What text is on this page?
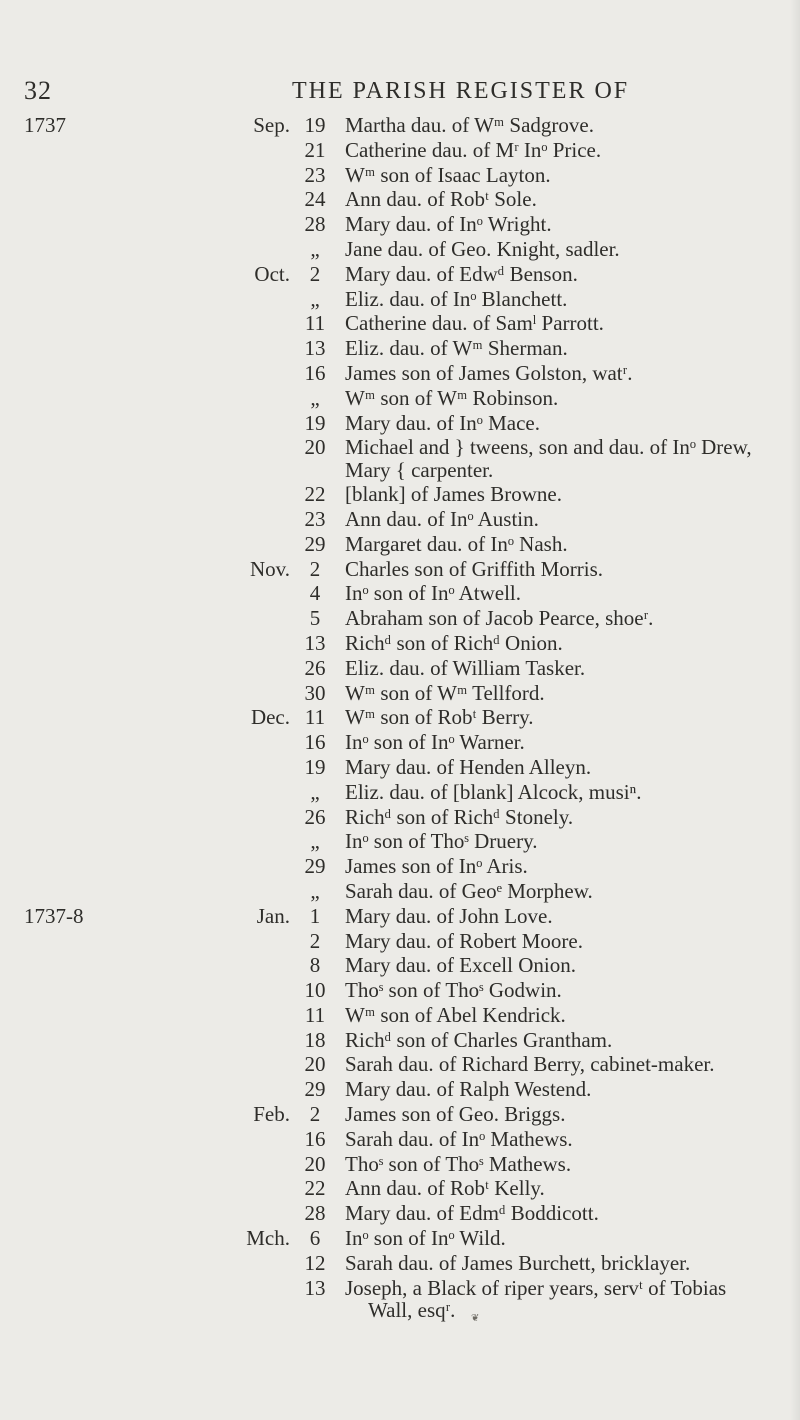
32	THE PARISH REGISTER OF
1737	Sep. 19 Martha dau. of Wᵐ Sadgrove.
21 Catherine dau. of Mʳ Inᵒ Price.
23 Wᵐ son of Isaac Layton.
24 Ann dau. of Robᵗ Sole.
28 Mary dau. of Inᵒ Wright.
„	Jane dau. of Geo. Knight, sadler.
Oct. 2	Mary dau. of Edwᵈ Benson.
„	Eliz. dau. of Inᵒ Blanchett.
11 Catherine dau. of Samˡ Parrott.
13 Eliz. dau. of Wᵐ Sherman.
16 James son of James Golston, watʳ.
„	Wᵐ son of Wᵐ Robinson.
19 Mary dau. of Inᵒ Mace.
20 Michael and } tweens, son and dau. of Inᵒ Drew,
Mary { carpenter.
22 [blank] of James Browne.
23 Ann dau. of Inᵒ Austin.
29 Margaret dau. of Inᵒ Nash.
Nov. 2	Charles son of Griffith Morris.
4	Inᵒ son of Inᵒ Atwell.
5	Abraham son of Jacob Pearce, shoeʳ.
13 Richᵈ son of Richᵈ Onion.
26 Eliz. dau. of William Tasker.
30 Wᵐ son of Wᵐ Tellford.
Dec. 11 Wᵐ son of Robᵗ Berry.
16 Inᵒ son of Inᵒ Warner.
19 Mary dau. of Henden Alleyn.
„	Eliz. dau. of [blank] Alcock, musiⁿ.
26 Richᵈ son of Richᵈ Stonely.
„	Inᵒ son of Thoˢ Druery.
29 James son of Inᵒ Aris.
„	Sarah dau. of Geoᵉ Morphew.
1737-8	Jan. 1	Mary dau. of John Love.
2	Mary dau. of Robert Moore.
8	Mary dau. of Excell Onion.
10 Thoˢ son of Thoˢ Godwin.
11 Wᵐ son of Abel Kendrick.
18 Richᵈ son of Charles Grantham.
20 Sarah dau. of Richard Berry, cabinet-maker.
29 Mary dau. of Ralph Westend.
Feb. 2	James son of Geo. Briggs.
16 Sarah dau. of Inᵒ Mathews.
20 Thoˢ son of Thoˢ Mathews.
22 Ann dau. of Robᵗ Kelly.
28 Mary dau. of Edmᵈ Boddicott.
Mch. 6	Inᵒ son of Inᵒ Wild.
12 Sarah dau. of James Burchett, bricklayer.
13 Joseph, a Black of riper years, servᵗ of Tobias
Wall, esqʳ. ❦
